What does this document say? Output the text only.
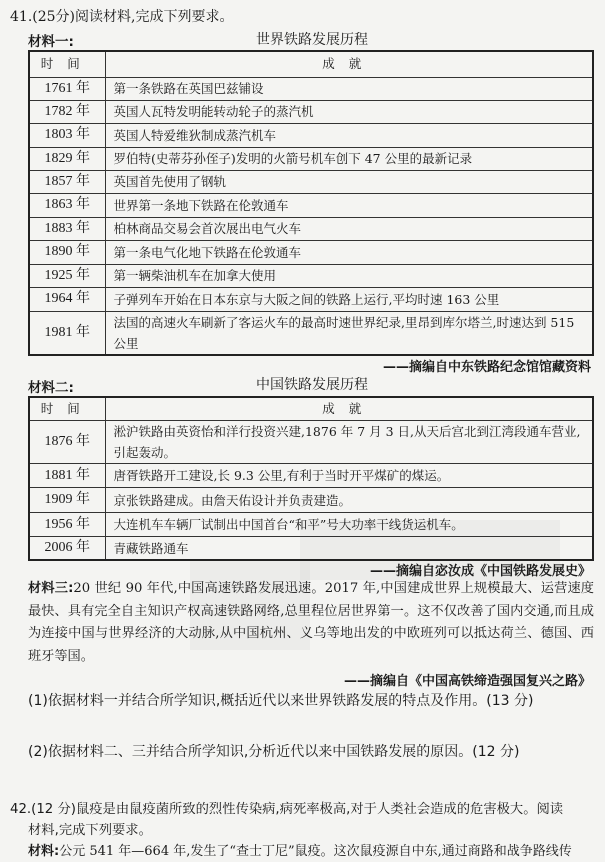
41.(25分)阅读材料,完成下列要求。
材料一:	世界铁路发展历程
时间	成就
1761 年	第一条铁路在英国巴兹铺设
1782 年	英国人瓦特发明能转动轮子的蒸汽机
1803 年	英国人特爱维狄制成蒸汽机车
1829 年	罗伯特(史蒂芬孙侄子)发明的火箭号机车创下 47 公里的最新记录
1857 年	英国首先使用了钢轨
1863 年	世界第一条地下铁路在伦敦通车
1883 年	柏林商品交易会首次展出电气火车
1890 年	第一条电气化地下铁路在伦敦通车
1925 年	第一辆柴油机车在加拿大使用
1964 年	子弹列车开始在日本东京与大阪之间的铁路上运行,平均时速 163 公里
1981 年	法国的高速火车刷新了客运火车的最高时速世界纪录,里昂到库尔塔兰,时速达到 515 公里
——摘编自中东铁路纪念馆馆藏资料
材料二:	中国铁路发展历程
时间	成就
1876 年	淞沪铁路由英资怡和洋行投资兴建,1876 年 7 月 3 日,从天后宫北到江湾段通车营业,引起轰动。
1881 年	唐胥铁路开工建设,长 9.3 公里,有利于当时开平煤矿的煤运。
1909 年	京张铁路建成。由詹天佑设计并负责建造。
1956 年	大连机车车辆厂试制出中国首台“和平”号大功率干线货运机车。
2006 年	青藏铁路通车
——摘编自宓汝成《中国铁路发展史》
材料三:20 世纪 90 年代,中国高速铁路发展迅速。2017 年,中国建成世界上规模最大、运营速度最快、具有完全自主知识产权高速铁路网络,总里程位居世界第一。这不仅改善了国内交通,而且成为连接中国与世界经济的大动脉,从中国杭州、义乌等地出发的中欧班列可以抵达荷兰、德国、西班牙等国。
——摘编自《中国高铁缔造强国复兴之路》
(1)依据材料一并结合所学知识,概括近代以来世界铁路发展的特点及作用。(13 分)
(2)依据材料二、三并结合所学知识,分析近代以来中国铁路发展的原因。(12 分)
42.(12 分)鼠疫是由鼠疫菌所致的烈性传染病,病死率极高,对于人类社会造成的危害极大。阅读
材料,完成下列要求。
材料:公元 541 年—664 年,发生了“查士丁尼”鼠疫。这次鼠疫源自中东,通过商路和战争路线传
